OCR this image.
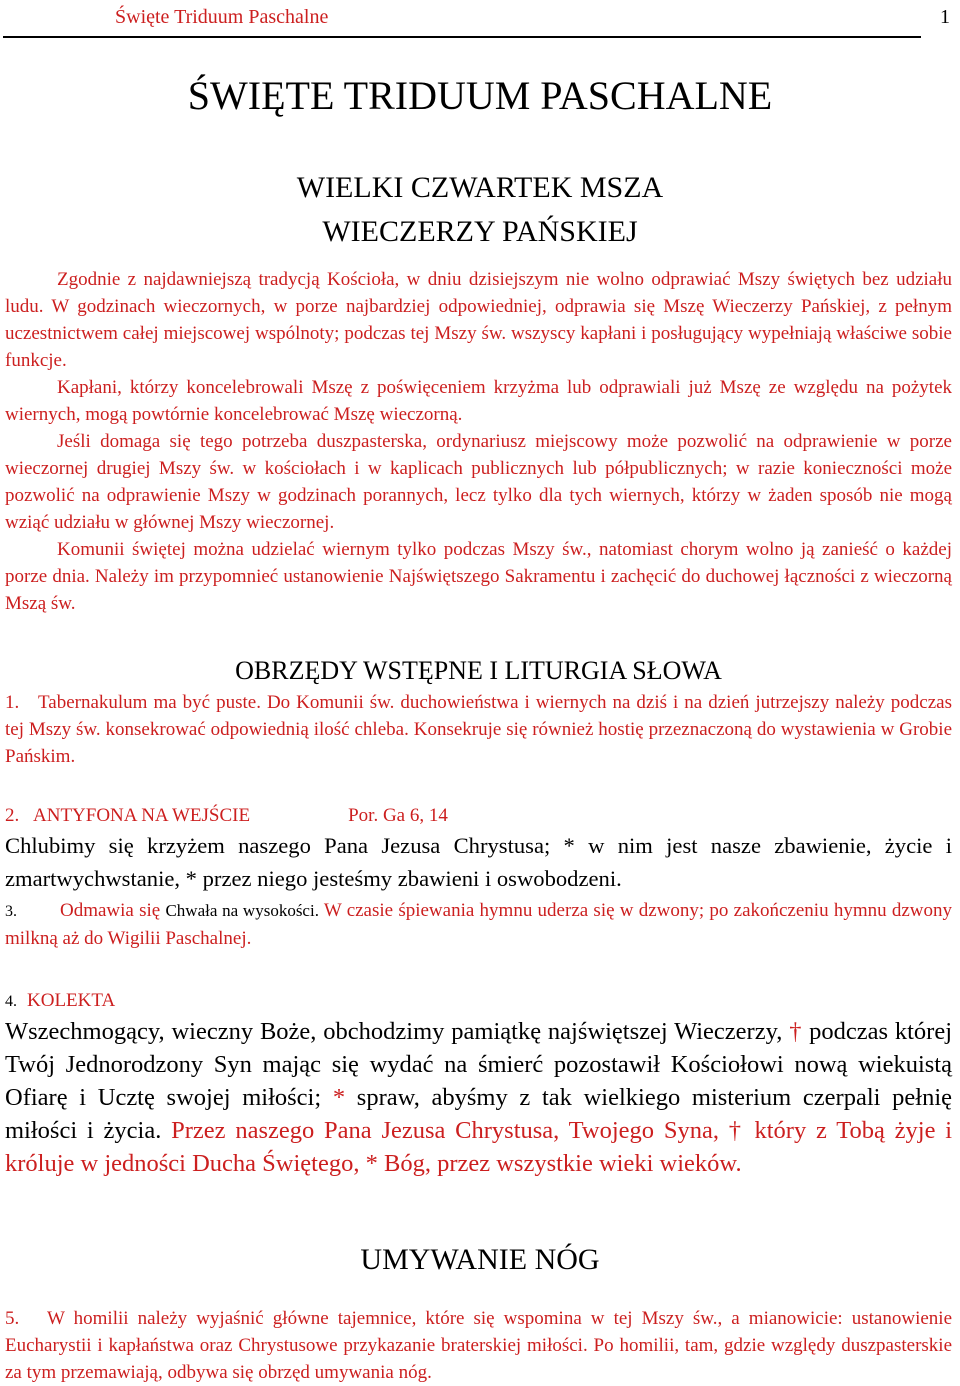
Święte Triduum Paschalne	1
ŚWIĘTE TRIDUUM PASCHALNE
WIELKI CZWARTEK MSZA
WIECZERZY PAŃSKIEJ

Zgodnie z najdawniejszą tradycją Kościoła, w dniu dzisiejszym nie wolno odprawiać Mszy świętych bez udziału ludu. W godzinach wieczornych, w porze najbardziej odpowiedniej, odprawia się Mszę Wieczerzy Pańskiej, z pełnym uczestnictwem całej miejscowej wspólnoty; podczas tej Mszy św. wszyscy kapłani i posługujący wypełniają właściwe sobie funkcje.

Kapłani, którzy koncelebrowali Mszę z poświęceniem krzyżma lub odprawiali już Mszę ze względu na pożytek wiernych, mogą powtórnie koncelebrować Mszę wieczorną.

Jeśli domaga się tego potrzeba duszpasterska, ordynariusz miejscowy może pozwolić na odprawienie w porze wieczornej drugiej Mszy św. w kościołach i w kaplicach publicznych lub półpublicznych; w razie konieczności może pozwolić na odprawienie Mszy w godzinach porannych, lecz tylko dla tych wiernych, którzy w żaden sposób nie mogą wziąć udziału w głównej Mszy wieczornej.

Komunii świętej można udzielać wiernym tylko podczas Mszy św., natomiast chorym wolno ją zanieść o każdej porze dnia. Należy im przypomnieć ustanowienie Najświętszego Sakramentu i zachęcić do duchowej łączności z wieczorną Mszą św.

OBRZĘDY WSTĘPNE I LITURGIA SŁOWA

1. Tabernakulum ma być puste. Do Komunii św. duchowieństwa i wiernych na dziś i na dzień jutrzejszy należy podczas tej Mszy św. konsekrować odpowiednią ilość chleba. Konsekruje się również hostię przeznaczoną do wystawienia w Grobie Pańskim.

2. ANTYFONA NA WEJŚCIE	Por. Ga 6, 14

Chlubimy się krzyżem naszego Pana Jezusa Chrystusa; * w nim jest nasze zbawienie, życie i zmartwychwstanie, * przez niego jesteśmy zbawieni i oswobodzeni.

3. Odmawia się Chwała na wysokości. W czasie śpiewania hymnu uderza się w dzwony; po zakończeniu hymnu dzwony milkną aż do Wigilii Paschalnej.

4. KOLEKTA

Wszechmogący, wieczny Boże, obchodzimy pamiątkę najświętszej Wieczerzy, † podczas której Twój Jednorodzony Syn mając się wydać na śmierć pozostawił Kościołowi nową wiekuistą Ofiarę i Ucztę swojej miłości; * spraw, abyśmy z tak wielkiego misterium czerpali pełnię miłości i życia. Przez naszego Pana Jezusa Chrystusa, Twojego Syna, † który z Tobą żyje i króluje w jedności Ducha Świętego, * Bóg, przez wszystkie wieki wieków.

UMYWANIE NÓG

5. W homilii należy wyjaśnić główne tajemnice, które się wspomina w tej Mszy św., a mianowicie: ustanowienie Eucharystii i kapłaństwa oraz Chrystusowe przykazanie braterskiej miłości. Po homilii, tam, gdzie względy duszpasterskie za tym przemawiają, odbywa się obrzęd umywania nóg.
